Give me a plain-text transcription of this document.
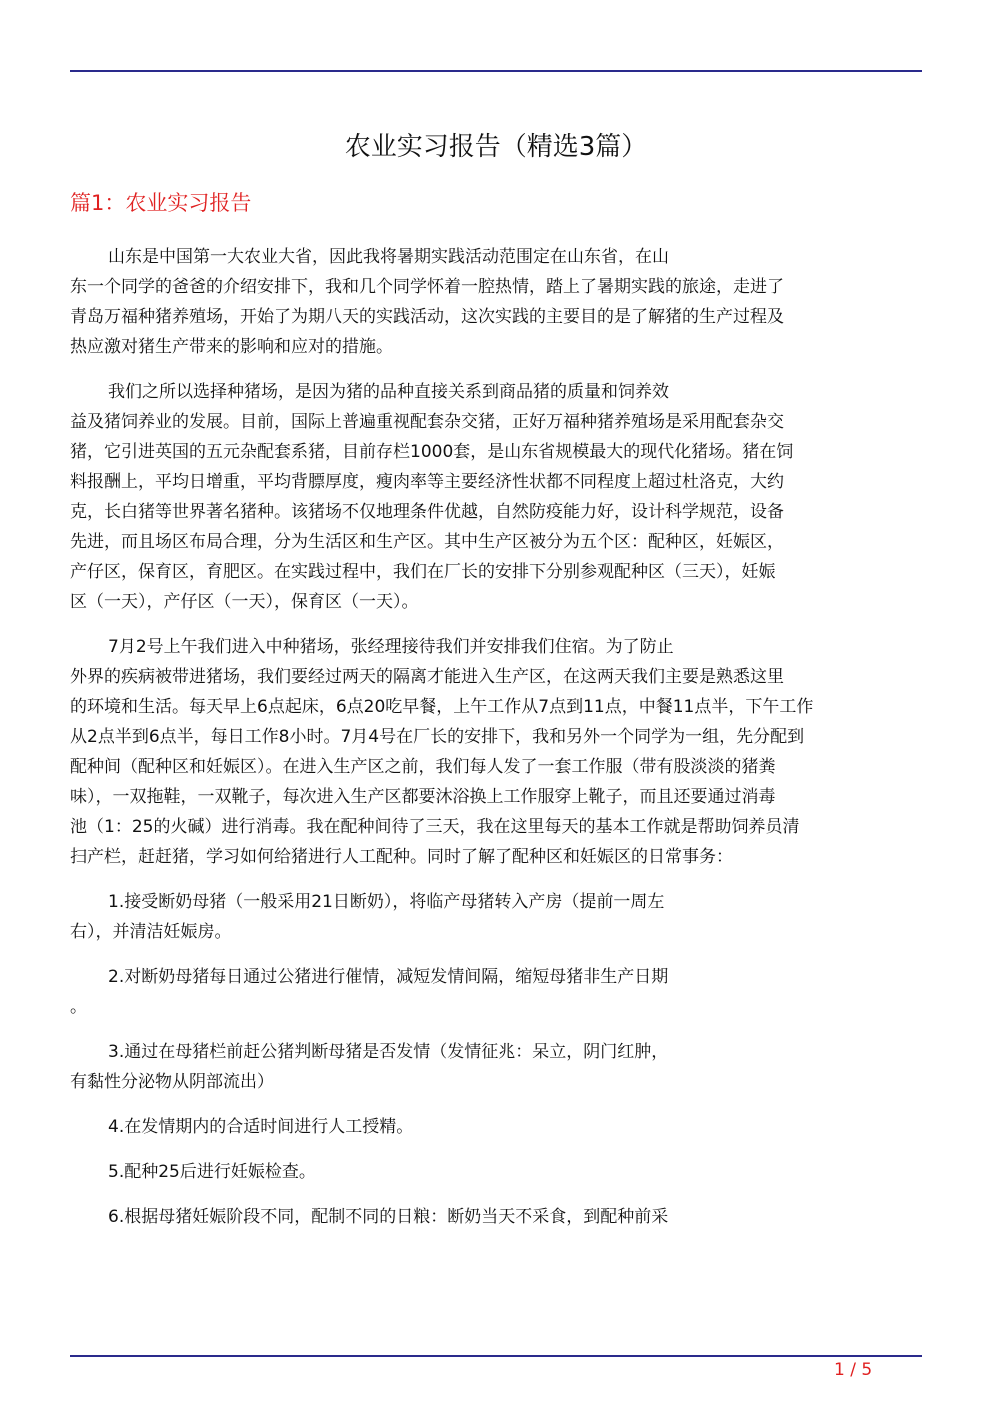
农业实习报告（精选3篇）
篇1：农业实习报告

山东是中国第一大农业大省，因此我将暑期实践活动范围定在山东省，在山
东一个同学的爸爸的介绍安排下，我和几个同学怀着一腔热情，踏上了暑期实践的旅途，走进了
青岛万福种猪养殖场，开始了为期八天的实践活动，这次实践的主要目的是了解猪的生产过程及
热应激对猪生产带来的影响和应对的措施。

我们之所以选择种猪场，是因为猪的品种直接关系到商品猪的质量和饲养效
益及猪饲养业的发展。目前，国际上普遍重视配套杂交猪，正好万福种猪养殖场是采用配套杂交
猪，它引进英国的五元杂配套系猪，目前存栏1000套，是山东省规模最大的现代化猪场。猪在饲
料报酬上，平均日增重，平均背膘厚度，瘦肉率等主要经济性状都不同程度上超过杜洛克，大约
克，长白猪等世界著名猪种。该猪场不仅地理条件优越，自然防疫能力好，设计科学规范，设备
先进，而且场区布局合理，分为生活区和生产区。其中生产区被分为五个区：配种区，妊娠区，
产仔区，保育区，育肥区。在实践过程中，我们在厂长的安排下分别参观配种区（三天），妊娠
区（一天），产仔区（一天），保育区（一天）。

7月2号上午我们进入中种猪场，张经理接待我们并安排我们住宿。为了防止
外界的疾病被带进猪场，我们要经过两天的隔离才能进入生产区，在这两天我们主要是熟悉这里
的环境和生活。每天早上6点起床，6点20吃早餐，上午工作从7点到11点，中餐11点半，下午工作
从2点半到6点半，每日工作8小时。7月4号在厂长的安排下，我和另外一个同学为一组，先分配到
配种间（配种区和妊娠区）。在进入生产区之前，我们每人发了一套工作服（带有股淡淡的猪粪
味），一双拖鞋，一双靴子，每次进入生产区都要沐浴换上工作服穿上靴子，而且还要通过消毒
池（1：25的火碱）进行消毒。我在配种间待了三天，我在这里每天的基本工作就是帮助饲养员清
扫产栏，赶赶猪，学习如何给猪进行人工配种。同时了解了配种区和妊娠区的日常事务：

1.接受断奶母猪（一般采用21日断奶），将临产母猪转入产房（提前一周左
右），并清洁妊娠房。

2.对断奶母猪每日通过公猪进行催情，减短发情间隔，缩短母猪非生产日期
。

3.通过在母猪栏前赶公猪判断母猪是否发情（发情征兆：呆立，阴门红肿，
有黏性分泌物从阴部流出）

4.在发情期内的合适时间进行人工授精。

5.配种25后进行妊娠检查。

6.根据母猪妊娠阶段不同，配制不同的日粮：断奶当天不采食，到配种前采

1 / 5
